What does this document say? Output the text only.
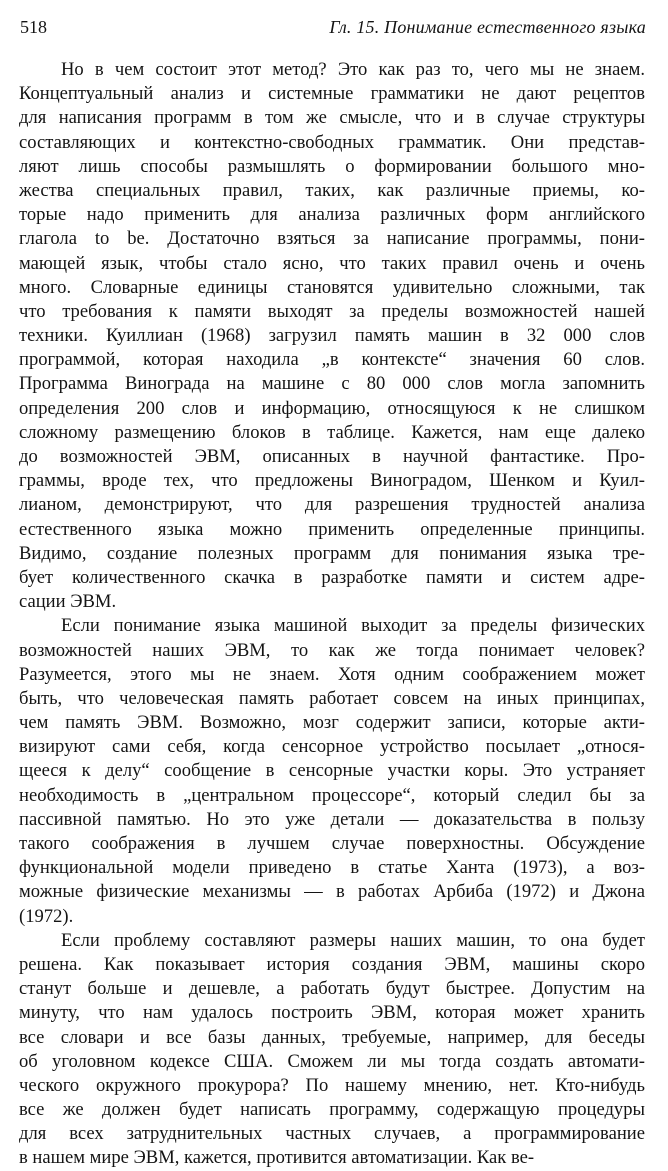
518	Гл. 15. Понимание естественного языка
Но в чем состоит этот метод? Это как раз то, чего мы не знаем.
Концептуальный анализ и системные грамматики не дают рецептов
для написания программ в том же смысле, что и в случае структуры
составляющих и контекстно-свободных грамматик. Они представ-
ляют лишь способы размышлять о формировании большого мно-
жества специальных правил, таких, как различные приемы, ко-
торые надо применить для анализа различных форм английского
глагола to be. Достаточно взяться за написание программы, пони-
мающей язык, чтобы стало ясно, что таких правил очень и очень
много. Словарные единицы становятся удивительно сложными, так
что требования к памяти выходят за пределы возможностей нашей
техники. Куиллиан (1968) загрузил память машин в 32 000 слов
программой, которая находила „в контексте“ значения 60 слов.
Программа Винограда на машине с 80 000 слов могла запомнить
определения 200 слов и информацию, относящуюся к не слишком
сложному размещению блоков в таблице. Кажется, нам еще далеко
до возможностей ЭВМ, описанных в научной фантастике. Про-
граммы, вроде тех, что предложены Виноградом, Шенком и Куил-
лианом, демонстрируют, что для разрешения трудностей анализа
естественного языка можно применить определенные принципы.
Видимо, создание полезных программ для понимания языка тре-
бует количественного скачка в разработке памяти и систем адре-
сации ЭВМ.
Если понимание языка машиной выходит за пределы физических
возможностей наших ЭВМ, то как же тогда понимает человек?
Разумеется, этого мы не знаем. Хотя одним соображением может
быть, что человеческая память работает совсем на иных принципах,
чем память ЭВМ. Возможно, мозг содержит записи, которые акти-
визируют сами себя, когда сенсорное устройство посылает „относя-
щееся к делу“ сообщение в сенсорные участки коры. Это устраняет
необходимость в „центральном процессоре“, который следил бы за
пассивной памятью. Но это уже детали — доказательства в пользу
такого соображения в лучшем случае поверхностны. Обсуждение
функциональной модели приведено в статье Ханта (1973), а воз-
можные физические механизмы — в работах Арбиба (1972) и Джона
(1972).
Если проблему составляют размеры наших машин, то она будет
решена. Как показывает история создания ЭВМ, машины скоро
станут больше и дешевле, а работать будут быстрее. Допустим на
минуту, что нам удалось построить ЭВМ, которая может хранить
все словари и все базы данных, требуемые, например, для беседы
об уголовном кодексе США. Сможем ли мы тогда создать автомати-
ческого окружного прокурора? По нашему мнению, нет. Кто-нибудь
все же должен будет написать программу, содержащую процедуры
для всех затруднительных частных случаев, а программирование
в нашем мире ЭВМ, кажется, противится автоматизации. Как ве-
